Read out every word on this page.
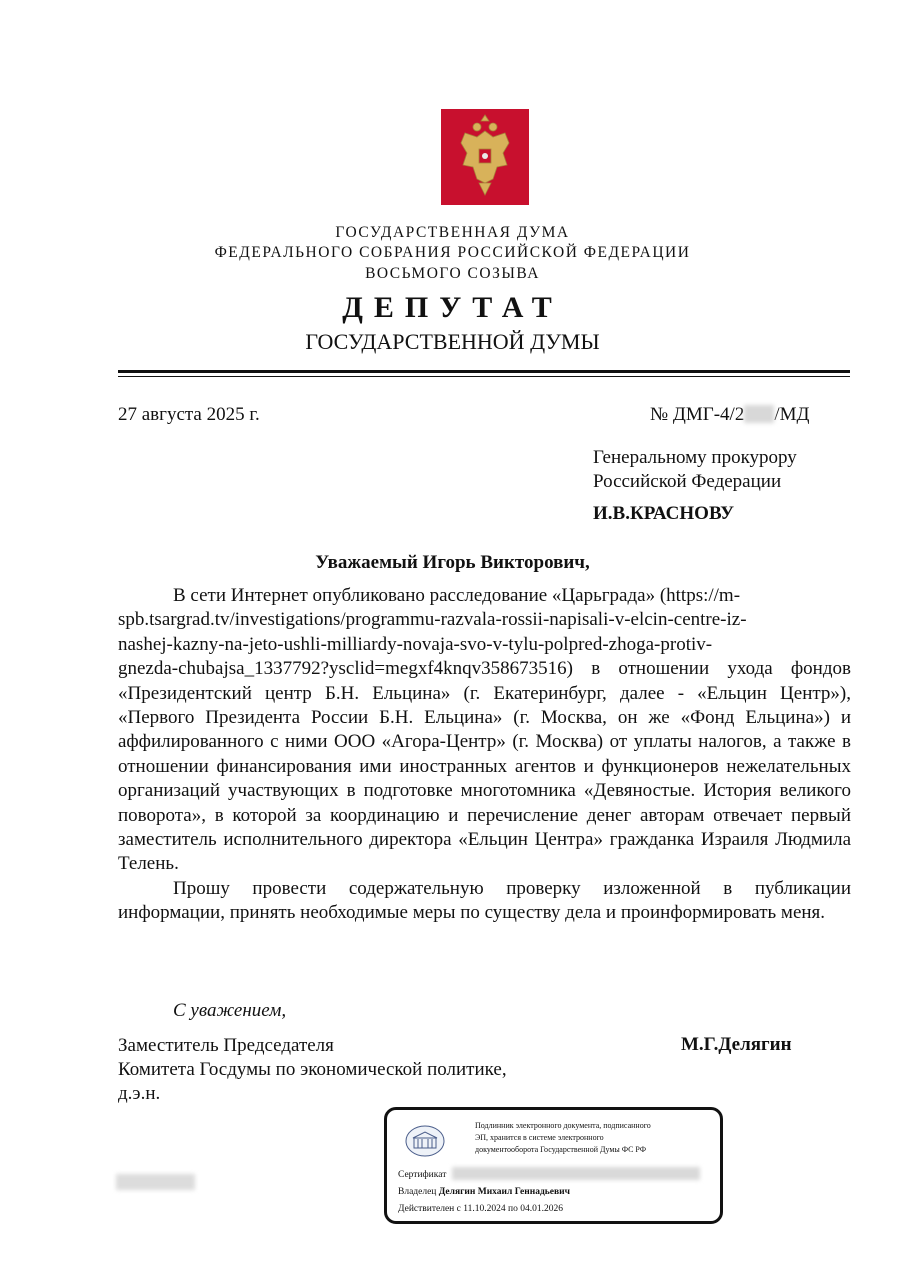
ГОСУДАРСТВЕННАЯ ДУМА
ФЕДЕРАЛЬНОГО СОБРАНИЯ РОССИЙСКОЙ ФЕДЕРАЦИИ
ВОСЬМОГО СОЗЫВА
ДЕПУТАТ
ГОСУДАРСТВЕННОЙ ДУМЫ
27 августа 2025 г.	№ ДМГ-4/2 /МД
Генеральному прокурору
Российской Федерации
И.В.КРАСНОВУ
Уважаемый Игорь Викторович,

В сети Интернет опубликовано расследование «Царьграда» (https://m-

spb.tsargrad.tv/investigations/programmu-razvala-rossii-napisali-v-elcin-centre-iz-

nashej-kazny-na-jeto-ushli-milliardy-novaja-svo-v-tylu-polpred-zhoga-protiv-

gnezda-chubajsa_1337792?ysclid=megxf4knqv358673516) в отношении ухода фондов «Президентский центр Б.Н. Ельцина» (г. Екатеринбург, далее - «Ельцин Центр»), «Первого Президента России Б.Н. Ельцина» (г. Москва, он же «Фонд Ельцина») и аффилированного с ними ООО «Агора-Центр» (г. Москва) от уплаты налогов, а также в отношении финансирования ими иностранных агентов и функционеров нежелательных организаций участвующих в подготовке многотомника «Девяностые. История великого поворота», в которой за координацию и перечисление денег авторам отвечает первый заместитель исполнительного директора «Ельцин Центра» гражданка Израиля Людмила Телень.

Прошу провести содержательную проверку изложенной в публикации информации, принять необходимые меры по существу дела и проинформировать меня.

С уважением,
Заместитель Председателя
Комитета Госдумы по экономической политике,
д.э.н.
М.Г.Делягин
Подлинник электронного документа, подписанного
ЭП, хранится в системе электронного
документооборота Государственной Думы ФС РФ
Сертификат
Владелец Делягин Михаил Геннадьевич
Действителен с 11.10.2024 по 04.01.2026
